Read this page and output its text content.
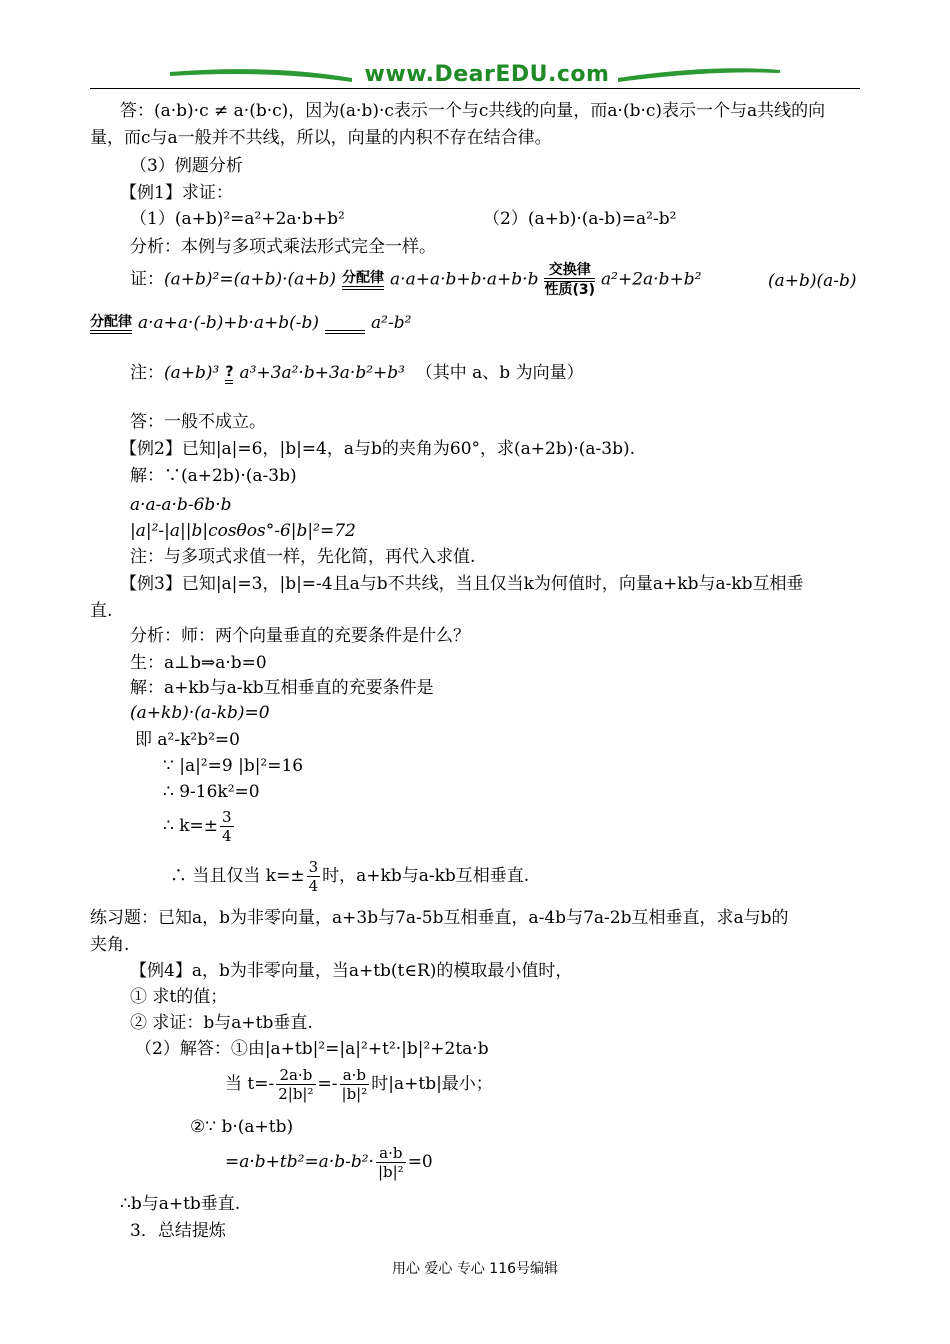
www.DearEDU.com
答：(a·b)·c ≠ a·(b·c)，因为(a·b)·c表示一个与c共线的向量，而a·(b·c)表示一个与a共线的向
量，而c与a一般并不共线，所以，向量的内积不存在结合律。
（3）例题分析
【例1】求证：
（1）(a+b)²=a²+2a·b+b²	（2）(a+b)·(a-b)=a²-b²
分析：本例与多项式乘法形式完全一样。
证：(a+b)²=(a+b)·(a+b) 分配律 a·a+a·b+b·a+b·b 交换律
性质(3)
a²+2a·b+b²	(a+b)(a-b)
分配律 a·a+a·(-b)+b·a+b(-b)
	a²-b²
注：(a+b)³ ? a³+3a²·b+3a·b²+b³ （其中 a、b 为向量）
答：一般不成立。
【例2】已知|a|=6，|b|=4，a与b的夹角为60°，求(a+2b)·(a-3b).
解：∵(a+2b)·(a-3b)
a·a-a·b-6b·b
|a|²-|a||b|cosθos°-6|b|²=72
注：与多项式求值一样，先化简，再代入求值.
【例3】已知|a|=3，|b|=-4且a与b不共线，当且仅当k为何值时，向量a+kb与a-kb互相垂
直.
分析：师：两个向量垂直的充要条件是什么？
生：a⊥b⇒a·b=0
解：a+kb与a-kb互相垂直的充要条件是
(a+kb)·(a-kb)=0
即 a²-k²b²=0
∵ |a|²=9 |b|²=16
∴ 9-16k²=0
∴ $k=\pm \frac{3}{4}$
∴ 当且仅当 $k=\pm \frac{3}{4}$ 时，a+kb与a-kb互相垂直.
练习题：已知a，b为非零向量，a+3b与7a-5b互相垂直，a-4b与7a-2b互相垂直，求a与b的
夹角.
【例4】a，b为非零向量，当a+tb(t∈R)的模取最小值时，
① 求t的值；
② 求证：b与a+tb垂直.
（2）解答：①由|a+tb|²=|a|²+t²·|b|²+2ta·b
当 $t=- \frac{2a\cdot b}{\text{2|b|²}} =- \frac{a\cdot b}{\text{|b|²}}$ 时|a+tb|最小；
②∵ b·(a+tb)
$=a\cdot b+tb^2=a\cdot b-b^2\cdot \frac{a\cdot b}{\text{|b|²}} =0$
∴b与a+tb垂直.
3．总结提炼
用心 爱心 专心 116号编辑
